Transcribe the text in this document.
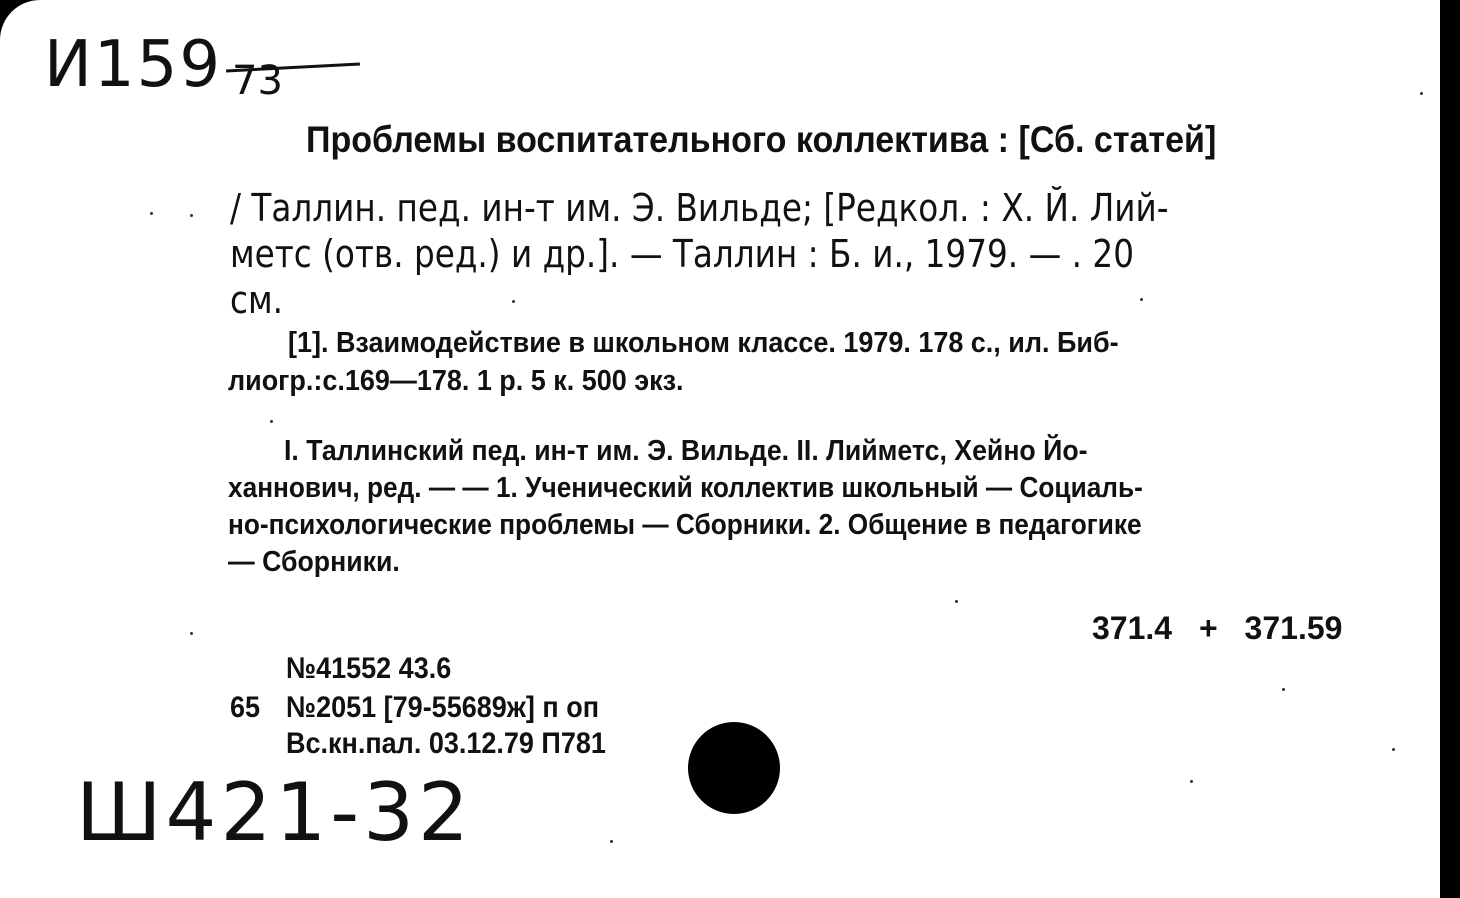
И159 73
Проблемы воспитательного коллектива : [Сб. статей]
/ Таллин. пед. ин-т им. Э. Вильде; [Редкол. : Х. Й. Лий-
метс (отв. ред.) и др.]. — Таллин : Б. и., 1979. — . 20
см.
[1]. Взаимодействие в школьном классе. 1979. 178 с., ил. Биб-
лиогр.:с.169—178. 1 р. 5 к. 500 экз.
I. Таллинский пед. ин-т им. Э. Вильде. II. Лийметс, Хейно Йо-
ханнович, ред. — — 1. Ученический коллектив школьный — Социаль-
но-психологические проблемы — Сборники. 2. Общение в педагогике
— Сборники.
371.4 + 371.59
№41552 43.6
65 №2051 [79-55689ж] п оп
Вс.кн.пал. 03.12.79 П781
Ш421-32
